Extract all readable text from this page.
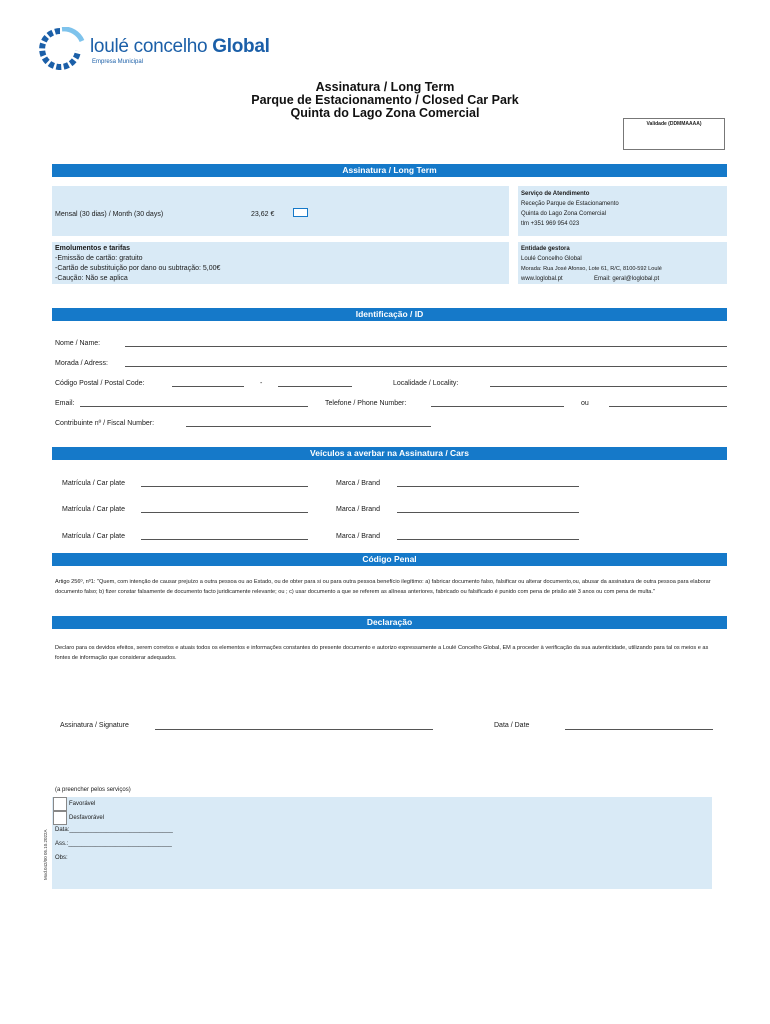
loulé concelho Global
Empresa Municipal
Assinatura / Long Term
Parque de Estacionamento / Closed Car Park
Quinta do Lago Zona Comercial
Validade (DDMMAAAA)
Assinatura / Long Term
Mensal (30 dias) / Month (30 days)	23,62 €
Serviço de Atendimento
Receção Parque de Estacionamento
Quinta do Lago Zona Comercial
tlm +351 969 954 023
Emolumentos e tarifas
-Emissão de cartão: gratuito
-Cartão de substituição por dano ou subtração: 5,00€
-Caução: Não se aplica
Entidade gestora
Loulé Concelho Global
Morada: Rua José Afonso, Lote 61, R/C, 8100-592 Loulé
www.loglobal.pt	Email: geral@loglobal.pt
Identificação / ID
Nome / Name:
Morada / Adress:
Código Postal / Postal Code:	-	Localidade / Locality:
Email:	Telefone / Phone Number:	ou
Contribuinte nº / Fiscal Number:
Veículos a averbar na Assinatura / Cars
Matrícula / Car plate	Marca / Brand
Matrícula / Car plate	Marca / Brand
Matrícula / Car plate	Marca / Brand
Código Penal
Artigo 256º, nº1: "Quem, com intenção de causar prejuízo a outra pessoa ou ao Estado, ou de obter para si ou para outra pessoa benefício ilegítimo: a) fabricar documento falso, falsificar ou alterar documento,ou, abusar da assinatura de outra pessoa para elaborar documento falso; b) fizer constar falsamente de documento facto juridicamente relevante; ou ; c) usar documento a que se referem as alíneas anteriores, fabricado ou falsificado é punido com pena de prisão até 3 anos ou com pena de multa."
Declaração
Declaro para os devidos efeitos, serem corretos e atuais todos os elementos e informações constantes do presente documento e autorizo expressamente a Loulé Concelho Global, EM a proceder à verificação da sua autenticidade, utilizando para tal os meios e as fontes de informação que considerar adequados.
Assinatura / Signature	Data / Date
(a preencher pelos serviços)
Favorável
Desfavorável
Data:_______________________________
Ass.:_______________________________
Obs:
Mod.042/00 05.10.2022A
